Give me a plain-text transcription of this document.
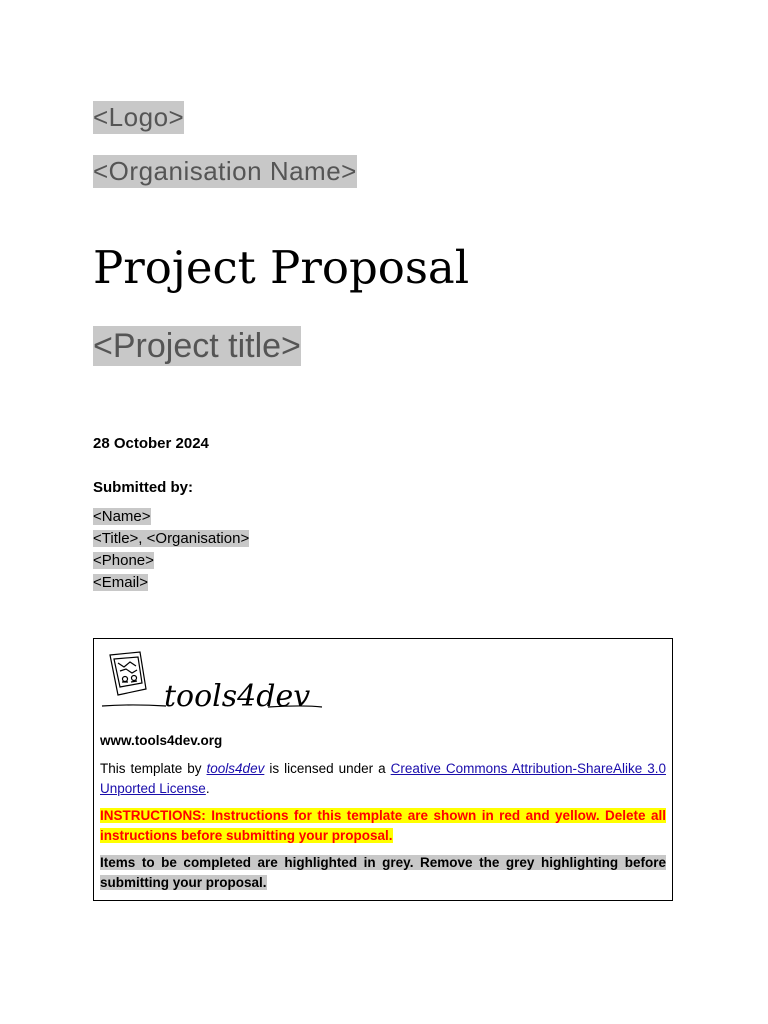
<Logo>
<Organisation Name>
Project Proposal
<Project title>
28 October 2024
Submitted by:
<Name>
<Title>, <Organisation>
<Phone>
<Email>
tools4dev
www.tools4dev.org
This template by tools4dev is licensed under a Creative Commons Attribution-ShareAlike 3.0 Unported License.
INSTRUCTIONS: Instructions for this template are shown in red and yellow. Delete all instructions before submitting your proposal.
Items to be completed are highlighted in grey. Remove the grey highlighting before submitting your proposal.
